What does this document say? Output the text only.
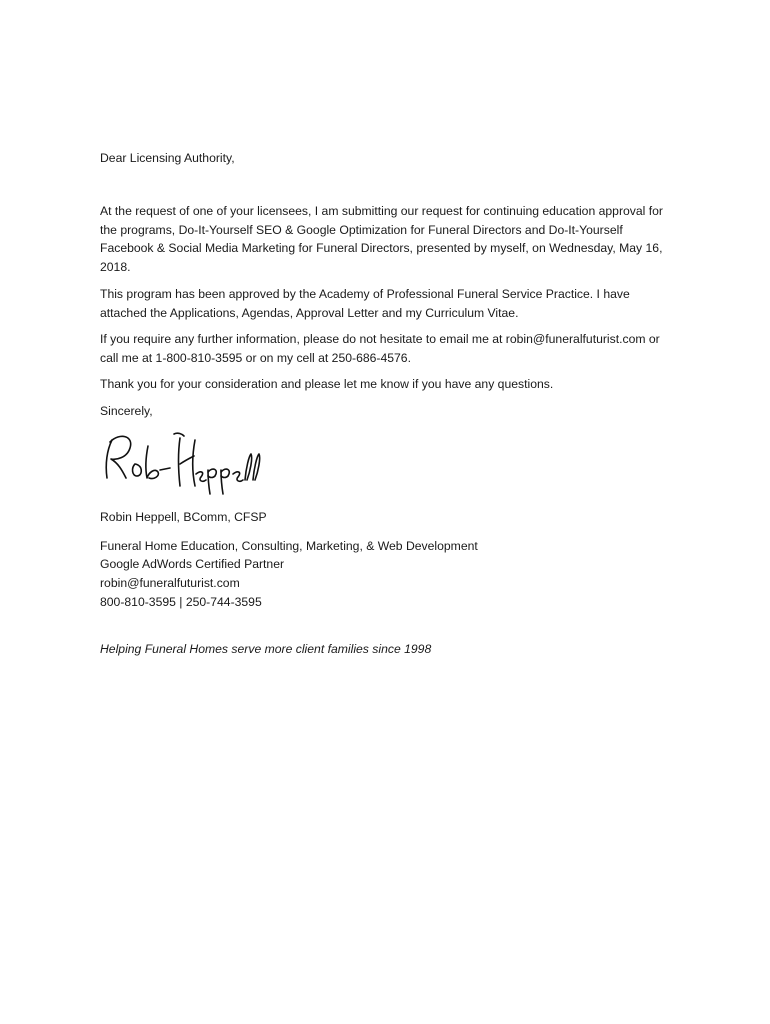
Dear Licensing Authority,
At the request of one of your licensees, I am submitting our request for continuing education approval for the programs, Do-It-Yourself SEO & Google Optimization for Funeral Directors and Do-It-Yourself Facebook & Social Media Marketing for Funeral Directors, presented by myself, on Wednesday, May 16, 2018.
This program has been approved by the Academy of Professional Funeral Service Practice. I have attached the Applications, Agendas, Approval Letter and my Curriculum Vitae.
If you require any further information, please do not hesitate to email me at robin@funeralfuturist.com or call me at 1-800-810-3595 or on my cell at 250-686-4576.
Thank you for your consideration and please let me know if you have any questions.
Sincerely,
Robin Heppell, BComm, CFSP
Funeral Home Education, Consulting, Marketing, & Web Development
Google AdWords Certified Partner
robin@funeralfuturist.com
800-810-3595 | 250-744-3595
Helping Funeral Homes serve more client families since 1998
